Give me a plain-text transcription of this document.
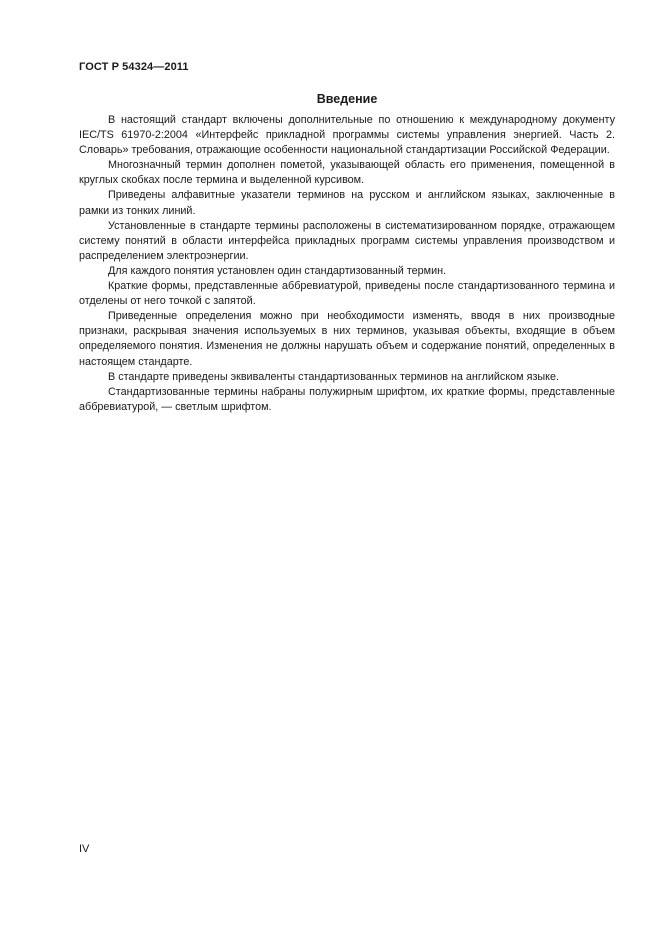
ГОСТ Р 54324—2011
Введение

В настоящий стандарт включены дополнительные по отношению к международному документу IEC/TS 61970-2:2004 «Интерфейс прикладной программы системы управления энергией. Часть 2. Словарь» требования, отражающие особенности национальной стандартизации Российской Федерации.

Многозначный термин дополнен пометой, указывающей область его применения, помещенной в круглых скобках после термина и выделенной курсивом.

Приведены алфавитные указатели терминов на русском и английском языках, заключенные в рамки из тонких линий.

Установленные в стандарте термины расположены в систематизированном порядке, отражающем систему понятий в области интерфейса прикладных программ системы управления производством и распределением электроэнергии.

Для каждого понятия установлен один стандартизованный термин.

Краткие формы, представленные аббревиатурой, приведены после стандартизованного термина и отделены от него точкой с запятой.

Приведенные определения можно при необходимости изменять, вводя в них производные признаки, раскрывая значения используемых в них терминов, указывая объекты, входящие в объем определяемого понятия. Изменения не должны нарушать объем и содержание понятий, определенных в настоящем стандарте.

В стандарте приведены эквиваленты стандартизованных терминов на английском языке.

Стандартизованные термины набраны полужирным шрифтом, их краткие формы, представленные аббревиатурой, — светлым шрифтом.

IV
